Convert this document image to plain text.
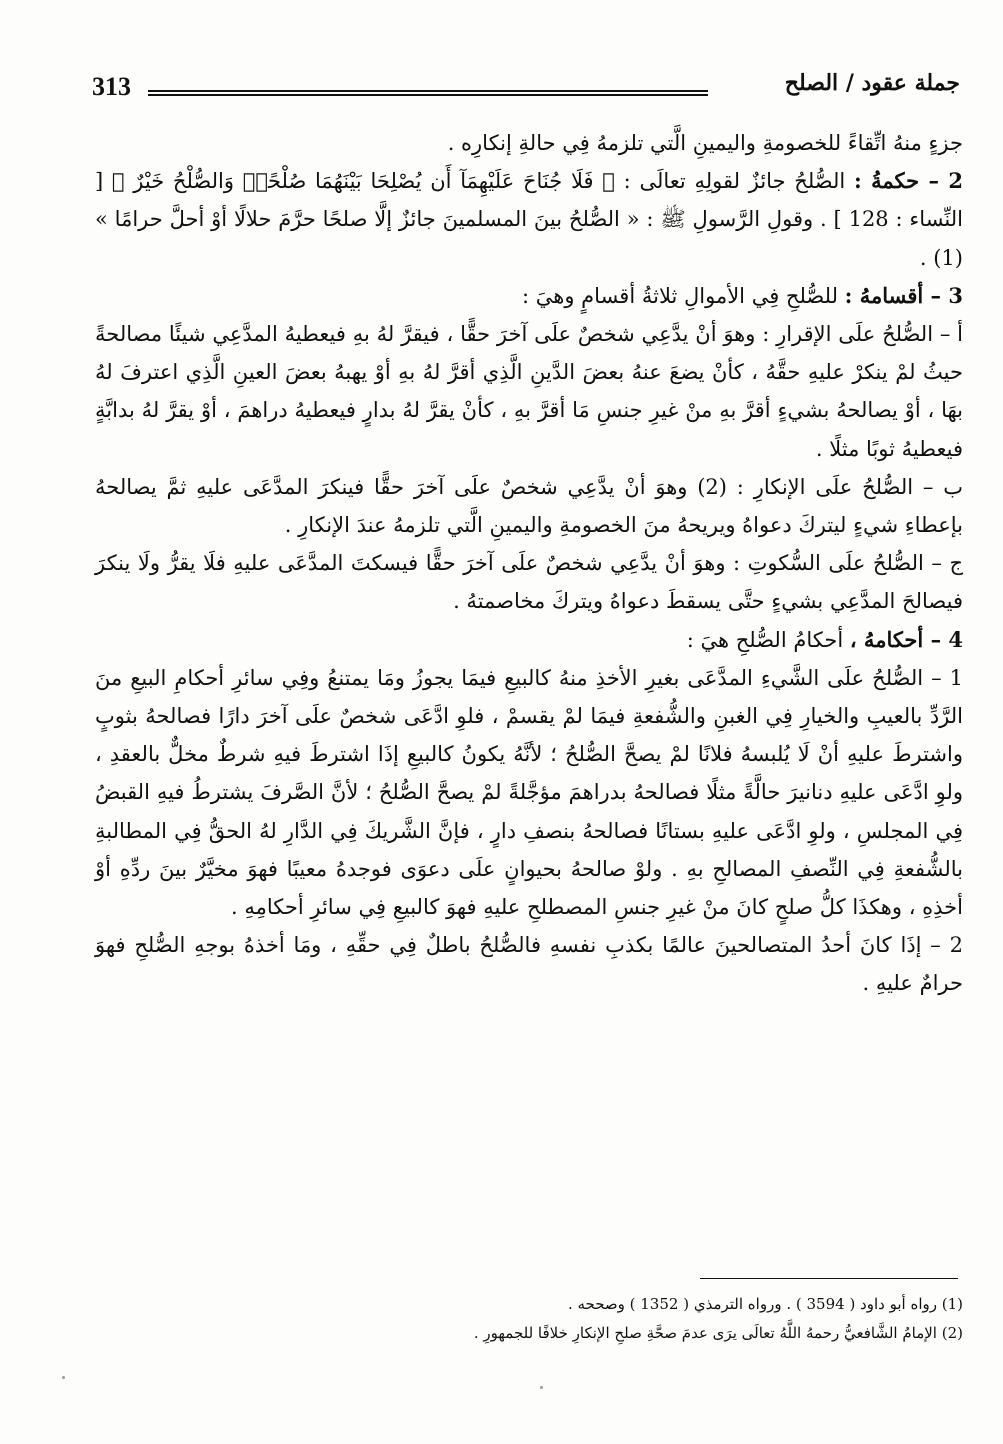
313	جملة عقود / الصلح

جزءٍ منهُ اتِّقاءً للخصومةِ واليمينِ الَّتي تلزمهُ فِي حالةِ إنكارِه .

2 – حكمةُ : الصُّلحُ جائزٌ لقولِهِ تعالَى : ﴿ فَلَا جُنَاحَ عَلَيْهِمَآ أَن يُصْلِحَا بَيْنَهُمَا صُلْحًاۚ وَالصُّلْحُ خَيْرٌ ﴾ [ النِّساء : 128 ] . وقولِ الرَّسولِ ﷺ : « الصُّلحُ بينَ المسلمينَ جائزٌ إلَّا صلحًا حرَّمَ حلالًا أوْ أحلَّ حرامًا » (1) .

3 – أقسامهُ : للصُّلحِ فِي الأموالِ ثلاثةُ أقسامٍ وهيَ :

أ – الصُّلحُ علَى الإقرارِ : وهوَ أنْ يدَّعِي شخصٌ علَى آخرَ حقًّا ، فيقرَّ لهُ بهِ فيعطيهُ المدَّعِي شيئًا مصالحةً حيثُ لمْ ينكرْ عليهِ حقَّهُ ، كأنْ يضعَ عنهُ بعضَ الدَّينِ الَّذِي أقرَّ لهُ بهِ أوْ يهبهُ بعضَ العينِ الَّذِي اعترفَ لهُ بهَا ، أوْ يصالحهُ بشيءٍ أقرَّ بهِ منْ غيرِ جنسِ مَا أقرَّ بهِ ، كأنْ يقرَّ لهُ بدارٍ فيعطيهُ دراهمَ ، أوْ يقرَّ لهُ بدابَّةٍ فيعطيهُ ثوبًا مثلًا .

ب – الصُّلحُ علَى الإنكارِ : (2) وهوَ أنْ يدَّعِي شخصٌ علَى آخرَ حقًّا فينكرَ المدَّعَى عليهِ ثمَّ يصالحهُ بإعطاءِ شيءٍ ليتركَ دعواهُ ويريحهُ منَ الخصومةِ واليمينِ الَّتي تلزمهُ عندَ الإنكارِ .

ج – الصُّلحُ علَى السُّكوتِ : وهوَ أنْ يدَّعِي شخصٌ علَى آخرَ حقًّا فيسكتَ المدَّعَى عليهِ فلَا يقرُّ ولَا ينكرَ فيصالحَ المدَّعِي بشيءٍ حتَّى يسقطَ دعواهُ ويتركَ مخاصمتهُ .

4 – أحكامهُ ، أحكامُ الصُّلحِ هيَ :

1 – الصُّلحُ علَى الشَّيءِ المدَّعَى بغيرِ الأخذِ منهُ كالبيعِ فيمَا يجوزُ ومَا يمتنعُ وفِي سائرِ أحكامِ البيعِ منَ الرَّدِّ بالعيبِ والخيارِ فِي الغبنِ والشُّفعةِ فيمَا لمْ يقسمْ ، فلوِ ادَّعَى شخصٌ علَى آخرَ دارًا فصالحهُ بثوبٍ واشترطَ عليهِ أنْ لَا يُلبسهُ فلانًا لمْ يصحَّ الصُّلحُ ؛ لأنَّهُ يكونُ كالبيعِ إذَا اشترطَ فيهِ شرطٌ مخلٌّ بالعقدِ ، ولوِ ادَّعَى عليهِ دنانيرَ حالَّةً مثلًا فصالحهُ بدراهمَ مؤجَّلةً لمْ يصحَّ الصُّلحُ ؛ لأنَّ الصَّرفَ يشترطُ فيهِ القبضُ فِي المجلسِ ، ولوِ ادَّعَى عليهِ بستانًا فصالحهُ بنصفِ دارٍ ، فإنَّ الشَّريكَ فِي الدَّارِ لهُ الحقُّ فِي المطالبةِ بالشُّفعةِ فِي النِّصفِ المصالحِ بهِ . ولوْ صالحهُ بحيوانٍ علَى دعوَى فوجدهُ معيبًا فهوَ مخيَّرٌ بينَ ردِّهِ أوْ أخذِهِ ، وهكذَا كلُّ صلحٍ كانَ منْ غيرِ جنسِ المصطلحِ عليهِ فهوَ كالبيعِ فِي سائرِ أحكامِهِ .

2 – إذَا كانَ أحدُ المتصالحينَ عالمًا بكذبِ نفسهِ فالصُّلحُ باطلٌ فِي حقِّهِ ، ومَا أخذهُ بوجهِ الصُّلحِ فهوَ حرامٌ عليهِ .

(1) رواه أبو داود ( 3594 ) . ورواه الترمذي ( 1352 ) وصححه .

(2) الإمامُ الشَّافعيُّ رحمهُ اللَّهُ تعالَى يرَى عدمَ صحَّةِ صلحِ الإنكارِ خلافًا للجمهورِ .
